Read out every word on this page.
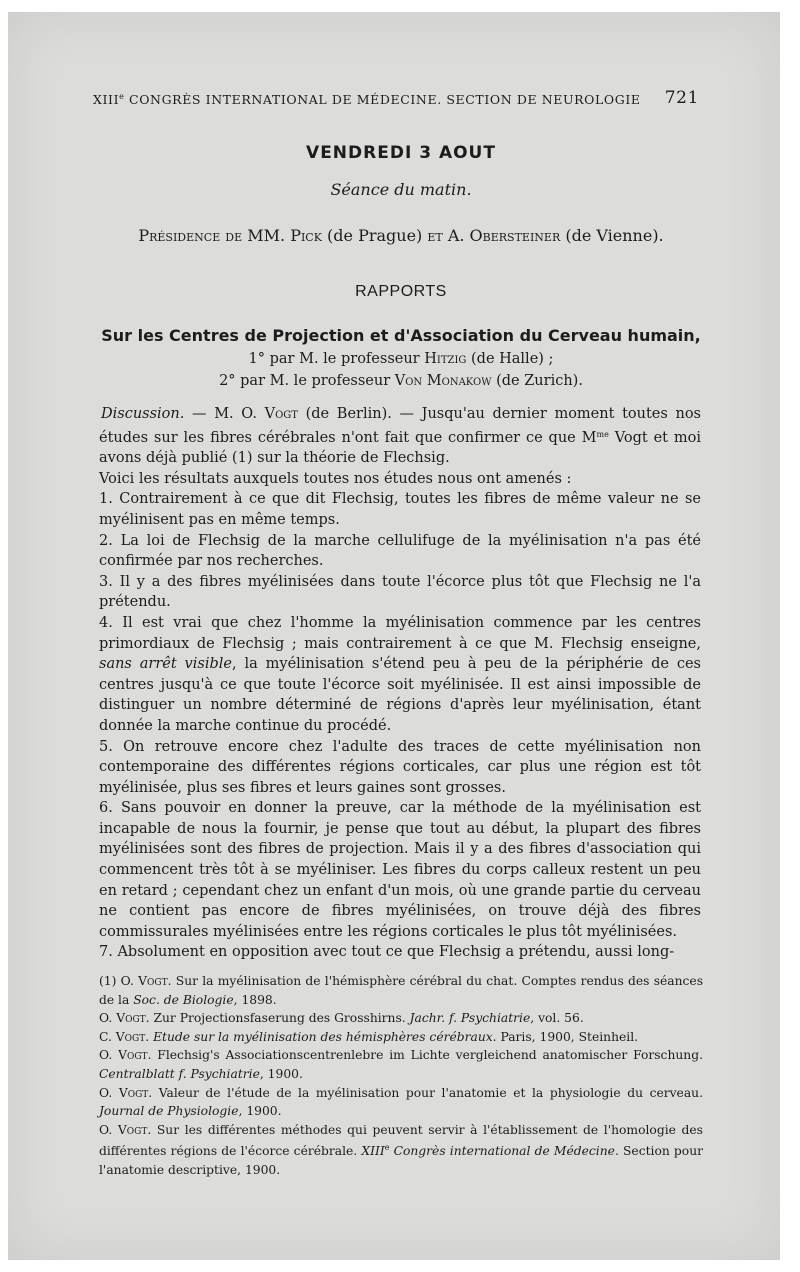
XIIIe CONGRÈS INTERNATIONAL DE MÉDECINE. SECTION DE NEUROLOGIE 721
VENDREDI 3 AOUT
Séance du matin.
Présidence de MM. Pick (de Prague) et A. Obersteiner (de Vienne).
RAPPORTS
Sur les Centres de Projection et d'Association du Cerveau humain,
1° par M. le professeur Hitzig (de Halle) ;
2° par M. le professeur Von Monakow (de Zurich).

Discussion. — M. O. Vogt (de Berlin). — Jusqu'au dernier moment toutes nos études sur les fibres cérébrales n'ont fait que confirmer ce que $M^{me}$ Vogt et moi avons déjà publié (1) sur la théorie de Flechsig.

Voici les résultats auxquels toutes nos études nous ont amenés :

1. Contrairement à ce que dit Flechsig, toutes les fibres de même valeur ne se myélinisent pas en même temps.

2. La loi de Flechsig de la marche cellulifuge de la myélinisation n'a pas été confirmée par nos recherches.

3. Il y a des fibres myélinisées dans toute l'écorce plus tôt que Flechsig ne l'a prétendu.

4. Il est vrai que chez l'homme la myélinisation commence par les centres primordiaux de Flechsig ; mais contrairement à ce que M. Flechsig enseigne, sans arrêt visible, la myélinisation s'étend peu à peu de la périphérie de ces centres jusqu'à ce que toute l'écorce soit myélinisée. Il est ainsi impossible de distinguer un nombre déterminé de régions d'après leur myélinisation, étant donnée la marche continue du procédé.

5. On retrouve encore chez l'adulte des traces de cette myélinisation non contemporaine des différentes régions corticales, car plus une région est tôt myélinisée, plus ses fibres et leurs gaines sont grosses.

6. Sans pouvoir en donner la preuve, car la méthode de la myélinisation est incapable de nous la fournir, je pense que tout au début, la plupart des fibres myélinisées sont des fibres de projection. Mais il y a des fibres d'association qui commencent très tôt à se myéliniser. Les fibres du corps calleux restent un peu en retard ; cependant chez un enfant d'un mois, où une grande partie du cerveau ne contient pas encore de fibres myélinisées, on trouve déjà des fibres commissurales myélinisées entre les régions corticales le plus tôt myélinisées.

7. Absolument en opposition avec tout ce que Flechsig a prétendu, aussi long-

(1) O. Vogt. Sur la myélinisation de l'hémisphère cérébral du chat. Comptes rendus des séances de la Soc. de Biologie, 1898.

O. Vogt. Zur Projectionsfaserung des Grosshirns. Jachr. f. Psychiatrie, vol. 56.

C. Vogt. Etude sur la myélinisation des hémisphères cérébraux. Paris, 1900, Steinheil.

O. Vogt. Flechsig's Associationscentrenlebre im Lichte vergleichend anatomischer Forschung. Centralblatt f. Psychiatrie, 1900.

O. Vogt. Valeur de l'étude de la myélinisation pour l'anatomie et la physiologie du cerveau. Journal de Physiologie, 1900.

O. Vogt. Sur les différentes méthodes qui peuvent servir à l'établissement de l'homologie des différentes régions de l'écorce cérébrale. XIIIe Congrès international de Médecine. Section pour l'anatomie descriptive, 1900.
